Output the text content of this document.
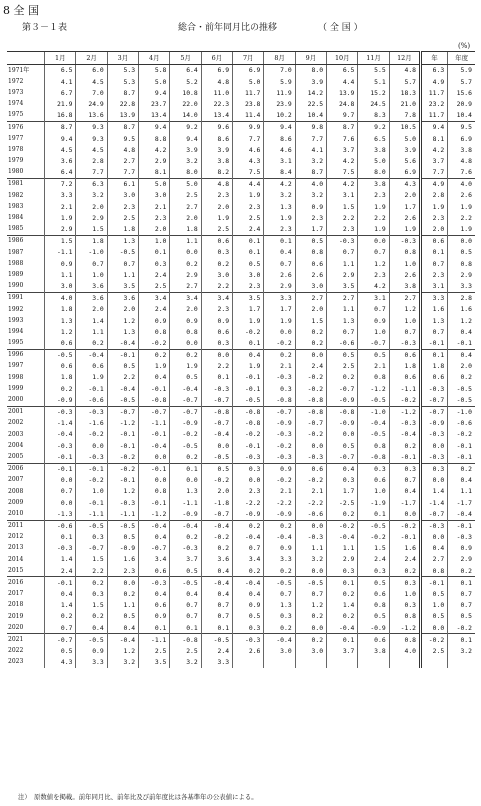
8 全 国
第３－１表	総合・前年同月比の推移	（ 全 国 ）
(%)
	1月	2月	3月	4月	5月	6月	7月	8月	9月	10月	11月	12月	年	年度
1971年	6.5	6.0	5.3	5.8	6.4	6.9	6.9	7.0	8.0	6.5	5.5	4.8	6.3	5.9
1972	4.1	4.5	5.3	5.0	5.2	4.8	5.0	5.9	3.9	4.4	5.1	5.7	4.9	5.7
1973	6.7	7.0	8.7	9.4	10.8	11.0	11.7	11.9	14.2	13.9	15.2	18.3	11.7	15.6
1974	21.9	24.9	22.8	23.7	22.0	22.3	23.8	23.9	22.5	24.8	24.5	21.0	23.2	20.9
1975	16.8	13.6	13.9	13.4	14.0	13.4	11.4	10.2	10.4	9.7	8.3	7.8	11.7	10.4
1976	8.7	9.3	8.7	9.4	9.2	9.6	9.9	9.4	9.8	8.7	9.2	10.5	9.4	9.5
1977	9.4	9.3	9.5	8.8	9.4	8.6	7.7	8.6	7.7	7.6	6.5	5.0	8.1	6.9
1978	4.5	4.5	4.8	4.2	3.9	3.9	4.6	4.6	4.1	3.7	3.8	3.9	4.2	3.8
1979	3.6	2.8	2.7	2.9	3.2	3.8	4.3	3.1	3.2	4.2	5.0	5.6	3.7	4.8
1980	6.4	7.7	7.7	8.1	8.0	8.2	7.5	8.4	8.7	7.5	8.0	6.9	7.7	7.6
1981	7.2	6.3	6.1	5.0	5.0	4.8	4.4	4.2	4.0	4.2	3.8	4.3	4.9	4.0
1982	3.3	3.2	3.0	3.0	2.5	2.3	1.9	3.2	3.2	3.1	2.3	2.0	2.8	2.6
1983	2.1	2.0	2.3	2.1	2.7	2.0	2.3	1.3	0.9	1.5	1.9	1.7	1.9	1.9
1984	1.9	2.9	2.5	2.3	2.0	1.9	2.5	1.9	2.3	2.2	2.2	2.6	2.3	2.2
1985	2.9	1.5	1.8	2.0	1.8	2.5	2.4	2.3	1.7	2.3	1.9	1.9	2.0	1.9
1986	1.5	1.8	1.3	1.0	1.1	0.6	0.1	0.1	0.5	-0.3	0.0	-0.3	0.6	0.0
1987	-1.1	-1.0	-0.5	0.1	0.0	0.3	0.1	0.4	0.8	0.7	0.7	0.8	0.1	0.5
1988	0.9	0.7	0.7	0.3	0.2	0.2	0.5	0.7	0.6	1.1	1.2	1.0	0.7	0.8
1989	1.1	1.0	1.1	2.4	2.9	3.0	3.0	2.6	2.6	2.9	2.3	2.6	2.3	2.9
1990	3.0	3.6	3.5	2.5	2.7	2.2	2.3	2.9	3.0	3.5	4.2	3.8	3.1	3.3
1991	4.0	3.6	3.6	3.4	3.4	3.4	3.5	3.3	2.7	2.7	3.1	2.7	3.3	2.8
1992	1.8	2.0	2.0	2.4	2.0	2.3	1.7	1.7	2.0	1.1	0.7	1.2	1.6	1.6
1993	1.3	1.4	1.2	0.9	0.9	0.9	1.9	1.9	1.5	1.3	0.9	1.0	1.3	1.2
1994	1.2	1.1	1.3	0.8	0.8	0.6	-0.2	0.0	0.2	0.7	1.0	0.7	0.7	0.4
1995	0.6	0.2	-0.4	-0.2	0.0	0.3	0.1	-0.2	0.2	-0.6	-0.7	-0.3	-0.1	-0.1
1996	-0.5	-0.4	-0.1	0.2	0.2	0.0	0.4	0.2	0.0	0.5	0.5	0.6	0.1	0.4
1997	0.6	0.6	0.5	1.9	1.9	2.2	1.9	2.1	2.4	2.5	2.1	1.8	1.8	2.0
1998	1.8	1.9	2.2	0.4	0.5	0.1	-0.1	-0.3	-0.2	0.2	0.8	0.6	0.6	0.2
1999	0.2	-0.1	-0.4	-0.1	-0.4	-0.3	-0.1	0.3	-0.2	-0.7	-1.2	-1.1	-0.3	-0.5
2000	-0.9	-0.6	-0.5	-0.8	-0.7	-0.7	-0.5	-0.8	-0.8	-0.9	-0.5	-0.2	-0.7	-0.5
2001	-0.3	-0.3	-0.7	-0.7	-0.7	-0.8	-0.8	-0.7	-0.8	-0.8	-1.0	-1.2	-0.7	-1.0
2002	-1.4	-1.6	-1.2	-1.1	-0.9	-0.7	-0.8	-0.9	-0.7	-0.9	-0.4	-0.3	-0.9	-0.6
2003	-0.4	-0.2	-0.1	-0.1	-0.2	-0.4	-0.2	-0.3	-0.2	0.0	-0.5	-0.4	-0.3	-0.2
2004	-0.3	0.0	-0.1	-0.4	-0.5	0.0	-0.1	-0.2	0.0	0.5	0.8	0.2	0.0	-0.1
2005	-0.1	-0.3	-0.2	0.0	0.2	-0.5	-0.3	-0.3	-0.3	-0.7	-0.8	-0.1	-0.3	-0.1
2006	-0.1	-0.1	-0.2	-0.1	0.1	0.5	0.3	0.9	0.6	0.4	0.3	0.3	0.3	0.2
2007	0.0	-0.2	-0.1	0.0	0.0	-0.2	0.0	-0.2	-0.2	0.3	0.6	0.7	0.0	0.4
2008	0.7	1.0	1.2	0.8	1.3	2.0	2.3	2.1	2.1	1.7	1.0	0.4	1.4	1.1
2009	0.0	-0.1	-0.3	-0.1	-1.1	-1.8	-2.2	-2.2	-2.2	-2.5	-1.9	-1.7	-1.4	-1.7
2010	-1.3	-1.1	-1.1	-1.2	-0.9	-0.7	-0.9	-0.9	-0.6	0.2	0.1	0.0	-0.7	-0.4
2011	-0.6	-0.5	-0.5	-0.4	-0.4	-0.4	0.2	0.2	0.0	-0.2	-0.5	-0.2	-0.3	-0.1
2012	0.1	0.3	0.5	0.4	0.2	-0.2	-0.4	-0.4	-0.3	-0.4	-0.2	-0.1	0.0	-0.3
2013	-0.3	-0.7	-0.9	-0.7	-0.3	0.2	0.7	0.9	1.1	1.1	1.5	1.6	0.4	0.9
2014	1.4	1.5	1.6	3.4	3.7	3.6	3.4	3.3	3.2	2.9	2.4	2.4	2.7	2.9
2015	2.4	2.2	2.3	0.6	0.5	0.4	0.2	0.2	0.0	0.3	0.3	0.2	0.8	0.2
2016	-0.1	0.2	0.0	-0.3	-0.5	-0.4	-0.4	-0.5	-0.5	0.1	0.5	0.3	-0.1	0.1
2017	0.4	0.3	0.2	0.4	0.4	0.4	0.4	0.7	0.7	0.2	0.6	1.0	0.5	0.7
2018	1.4	1.5	1.1	0.6	0.7	0.7	0.9	1.3	1.2	1.4	0.8	0.3	1.0	0.7
2019	0.2	0.2	0.5	0.9	0.7	0.7	0.5	0.3	0.2	0.2	0.5	0.8	0.5	0.5
2020	0.7	0.4	0.4	0.1	0.1	0.1	0.3	0.2	0.0	-0.4	-0.9	-1.2	0.0	-0.2
2021	-0.7	-0.5	-0.4	-1.1	-0.8	-0.5	-0.3	-0.4	0.2	0.1	0.6	0.8	-0.2	0.1
2022	0.5	0.9	1.2	2.5	2.5	2.4	2.6	3.0	3.0	3.7	3.8	4.0	2.5	3.2
2023	4.3	3.3	3.2	3.5	3.2	3.3								
注）　原数値を掲載。前年同月比、前年比及び前年度比は各基準年の公表値による。
